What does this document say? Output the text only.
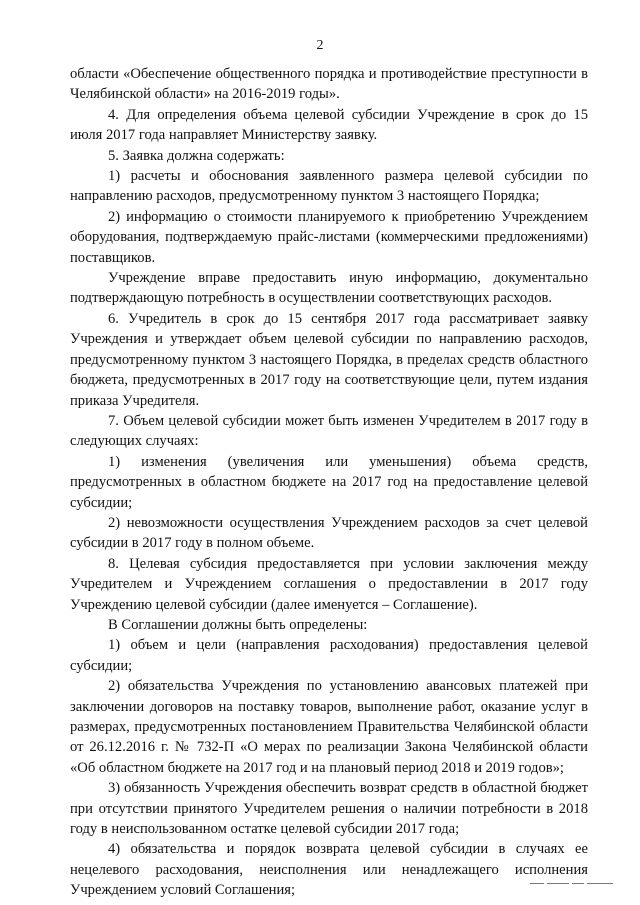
2

области «Обеспечение общественного порядка и противодействие преступности в Челябинской области» на 2016-2019 годы».

4. Для определения объема целевой субсидии Учреждение в срок до 15 июля 2017 года направляет Министерству заявку.

5. Заявка должна содержать:

1) расчеты и обоснования заявленного размера целевой субсидии по направлению расходов, предусмотренному пунктом 3 настоящего Порядка;

2) информацию о стоимости планируемого к приобретению Учреждением оборудования, подтверждаемую прайс-листами (коммерческими предложениями) поставщиков.

Учреждение вправе предоставить иную информацию, документально подтверждающую потребность в осуществлении соответствующих расходов.

6. Учредитель в срок до 15 сентября 2017 года рассматривает заявку Учреждения и утверждает объем целевой субсидии по направлению расходов, предусмотренному пунктом 3 настоящего Порядка, в пределах средств областного бюджета, предусмотренных в 2017 году на соответствующие цели, путем издания приказа Учредителя.

7. Объем целевой субсидии может быть изменен Учредителем в 2017 году в следующих случаях:

1) изменения (увеличения или уменьшения) объема средств, предусмотренных в областном бюджете на 2017 год на предоставление целевой субсидии;

2) невозможности осуществления Учреждением расходов за счет целевой субсидии в 2017 году в полном объеме.

8. Целевая субсидия предоставляется при условии заключения между Учредителем и Учреждением соглашения о предоставлении в 2017 году Учреждению целевой субсидии (далее именуется – Соглашение).

В Соглашении должны быть определены:

1) объем и цели (направления расходования) предоставления целевой субсидии;

2) обязательства Учреждения по установлению авансовых платежей при заключении договоров на поставку товаров, выполнение работ, оказание услуг в размерах, предусмотренных постановлением Правительства Челябинской области от 26.12.2016 г. № 732-П «О мерах по реализации Закона Челябинской области «Об областном бюджете на 2017 год и на плановый период 2018 и 2019 годов»;

3) обязанность Учреждения обеспечить возврат средств в областной бюджет при отсутствии принятого Учредителем решения о наличии потребности в 2018 году в неиспользованном остатке целевой субсидии 2017 года;

4) обязательства и порядок возврата целевой субсидии в случаях ее нецелевого расходования, неисполнения или ненадлежащего исполнения Учреждением условий Соглашения;
